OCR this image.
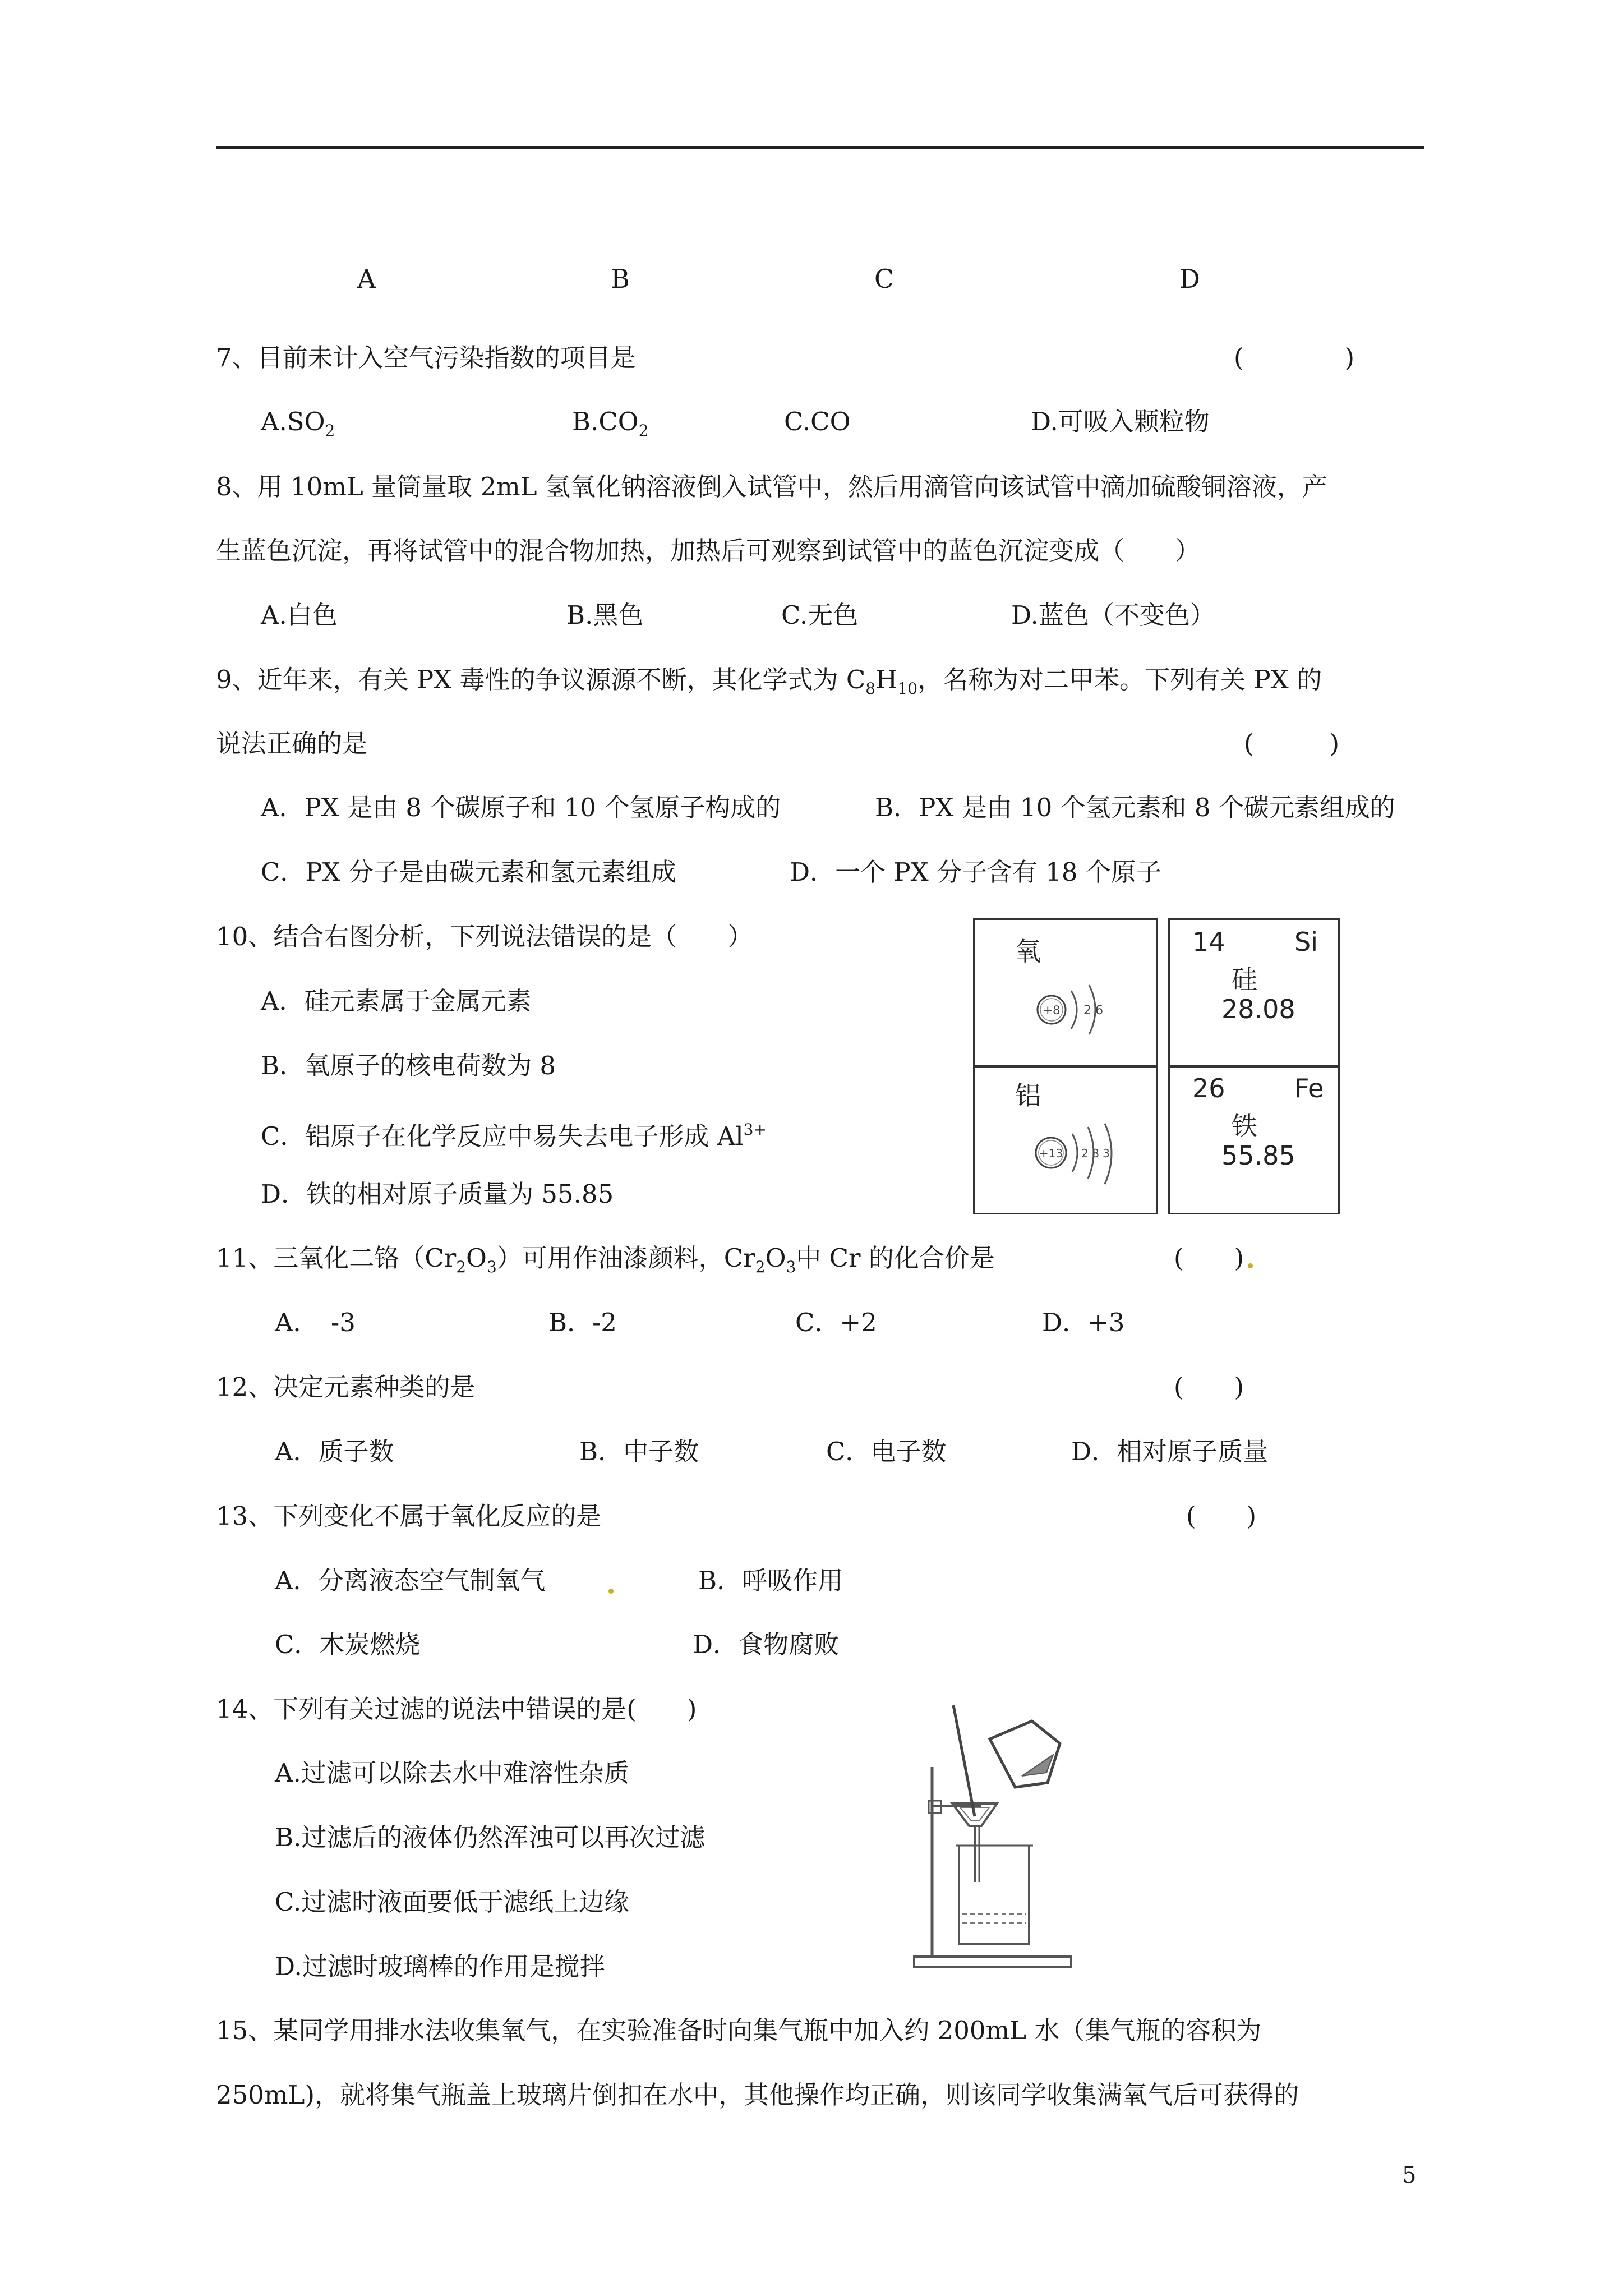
A	B	C	D
7、目前未计入空气污染指数的项目是	(　　　　)
$A.SO_2$	$B.CO_2$	C.CO	D.可吸入颗粒物
8、用 10mL 量筒量取 2mL 氢氧化钠溶液倒入试管中，然后用滴管向该试管中滴加硫酸铜溶液，产
生蓝色沉淀，再将试管中的混合物加热，加热后可观察到试管中的蓝色沉淀变成（　　）
A.白色	B.黑色	C.无色	D.蓝色（不变色）
9、近年来，有关 PX 毒性的争议源源不断，其化学式为 $C_8H_{10}$，名称为对二甲苯。下列有关 PX 的
说法正确的是	(　　　)
A．PX 是由 8 个碳原子和 10 个氢原子构成的	B．PX 是由 10 个氢元素和 8 个碳元素组成的
C．PX 分子是由碳元素和氢元素组成	D．一个 PX 分子含有 18 个原子
10、结合右图分析，下列说法错误的是（　　）
A．硅元素属于金属元素
B．氧原子的核电荷数为 8
C．铝原子在化学反应中易失去电子形成 $Al^{3+}$
D．铁的相对原子质量为 55.85
氧
+8 2 6
铝
+13 2 8 3
14	Si
硅
28.08
26	Fe
铁
55.85
11、三氧化二铬$(Cr_2O_3)$可用作油漆颜料，$Cr_2O_3$中 Cr 的化合价是	(　　)
A．　-3	B．-2	C．+2	D．+3
12、决定元素种类的是	(　　)
A．质子数	B．中子数	C．电子数	D．相对原子质量
13、下列变化不属于氧化反应的是	(　　)
A．分离液态空气制氧气	B．呼吸作用
C．木炭燃烧	D．食物腐败
14、下列有关过滤的说法中错误的是(　　)
A.过滤可以除去水中难溶性杂质
B.过滤后的液体仍然浑浊可以再次过滤
C.过滤时液面要低于滤纸上边缘
D.过滤时玻璃棒的作用是搅拌
15、某同学用排水法收集氧气，在实验准备时向集气瓶中加入约 200mL 水（集气瓶的容积为
250mL)，就将集气瓶盖上玻璃片倒扣在水中，其他操作均正确，则该同学收集满氧气后可获得的
5
